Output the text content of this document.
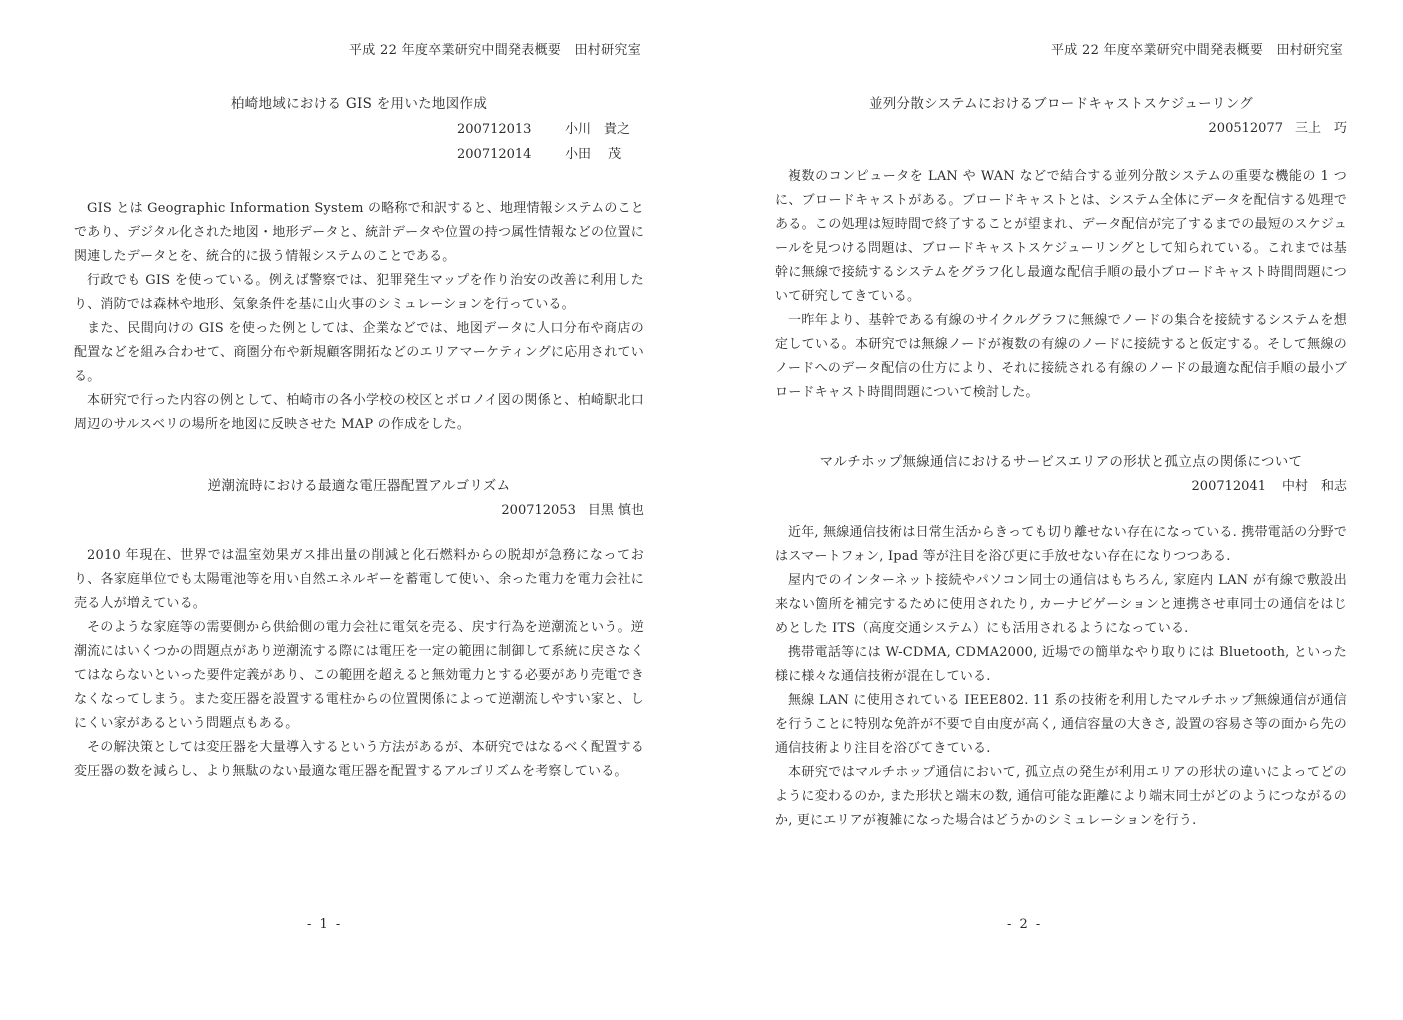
平成 22 年度卒業研究中間発表概要　田村研究室
柏崎地域における GIS を用いた地図作成
200712013	小川　貴之
200712014	小田　 茂

GIS とは Geographic Information System の略称で和訳すると、地理情報システムのことであり、デジタル化された地図・地形データと、統計データや位置の持つ属性情報などの位置に関連したデータとを、統合的に扱う情報システムのことである。

行政でも GIS を使っている。例えば警察では、犯罪発生マップを作り治安の改善に利用したり、消防では森林や地形、気象条件を基に山火事のシミュレーションを行っている。

また、民間向けの GIS を使った例としては、企業などでは、地図データに人口分布や商店の配置などを組み合わせて、商圏分布や新規顧客開拓などのエリアマーケティングに応用されている。

本研究で行った内容の例として、柏崎市の各小学校の校区とボロノイ図の関係と、柏崎駅北口周辺のサルスベリの場所を地図に反映させた MAP の作成をした。

逆潮流時における最適な電圧器配置アルゴリズム
200712053 目黒 慎也

2010 年現在、世界では温室効果ガス排出量の削減と化石燃料からの脱却が急務になっており、各家庭単位でも太陽電池等を用い自然エネルギーを蓄電して使い、余った電力を電力会社に売る人が増えている。

そのような家庭等の需要側から供給側の電力会社に電気を売る、戻す行為を逆潮流という。逆潮流にはいくつかの問題点があり逆潮流する際には電圧を一定の範囲に制御して系統に戻さなくてはならないといった要件定義があり、この範囲を超えると無効電力とする必要があり売電できなくなってしまう。また変圧器を設置する電柱からの位置関係によって逆潮流しやすい家と、しにくい家があるという問題点もある。

その解決策としては変圧器を大量導入するという方法があるが、本研究ではなるべく配置する変圧器の数を減らし、より無駄のない最適な電圧器を配置するアルゴリズムを考察している。

- 1 -
平成 22 年度卒業研究中間発表概要　田村研究室
並列分散システムにおけるブロードキャストスケジューリング
200512077 三上　巧

複数のコンピュータを LAN や WAN などで結合する並列分散システムの重要な機能の 1 つに、ブロードキャストがある。ブロードキャストとは、システム全体にデータを配信する処理である。この処理は短時間で終了することが望まれ、データ配信が完了するまでの最短のスケジュールを見つける問題は、ブロードキャストスケジューリングとして知られている。これまでは基幹に無線で接続するシステムをグラフ化し最適な配信手順の最小ブロードキャスト時間問題について研究してきている。

一昨年より、基幹である有線のサイクルグラフに無線でノードの集合を接続するシステムを想定している。本研究では無線ノードが複数の有線のノードに接続すると仮定する。そして無線のノードへのデータ配信の仕方により、それに接続される有線のノードの最適な配信手順の最小ブロードキャスト時間問題について検討した。

マルチホップ無線通信におけるサービスエリアの形状と孤立点の関係について
200712041 中村　和志

近年, 無線通信技術は日常生活からきっても切り離せない存在になっている. 携帯電話の分野ではスマートフォン, Ipad 等が注目を浴び更に手放せない存在になりつつある.

屋内でのインターネット接続やパソコン同士の通信はもちろん, 家庭内 LAN が有線で敷設出来ない箇所を補完するために使用されたり, カーナビゲーションと連携させ車同士の通信をはじめとした ITS（高度交通システム）にも活用されるようになっている.

携帯電話等には W-CDMA, CDMA2000, 近場での簡単なやり取りには Bluetooth, といった様に様々な通信技術が混在している.

無線 LAN に使用されている IEEE802. 11 系の技術を利用したマルチホップ無線通信が通信を行うことに特別な免許が不要で自由度が高く, 通信容量の大きさ, 設置の容易さ等の面から先の通信技術より注目を浴びてきている.

本研究ではマルチホップ通信において, 孤立点の発生が利用エリアの形状の違いによってどのように変わるのか, また形状と端末の数, 通信可能な距離により端末同士がどのようにつながるのか, 更にエリアが複雑になった場合はどうかのシミュレーションを行う.

- 2 -
